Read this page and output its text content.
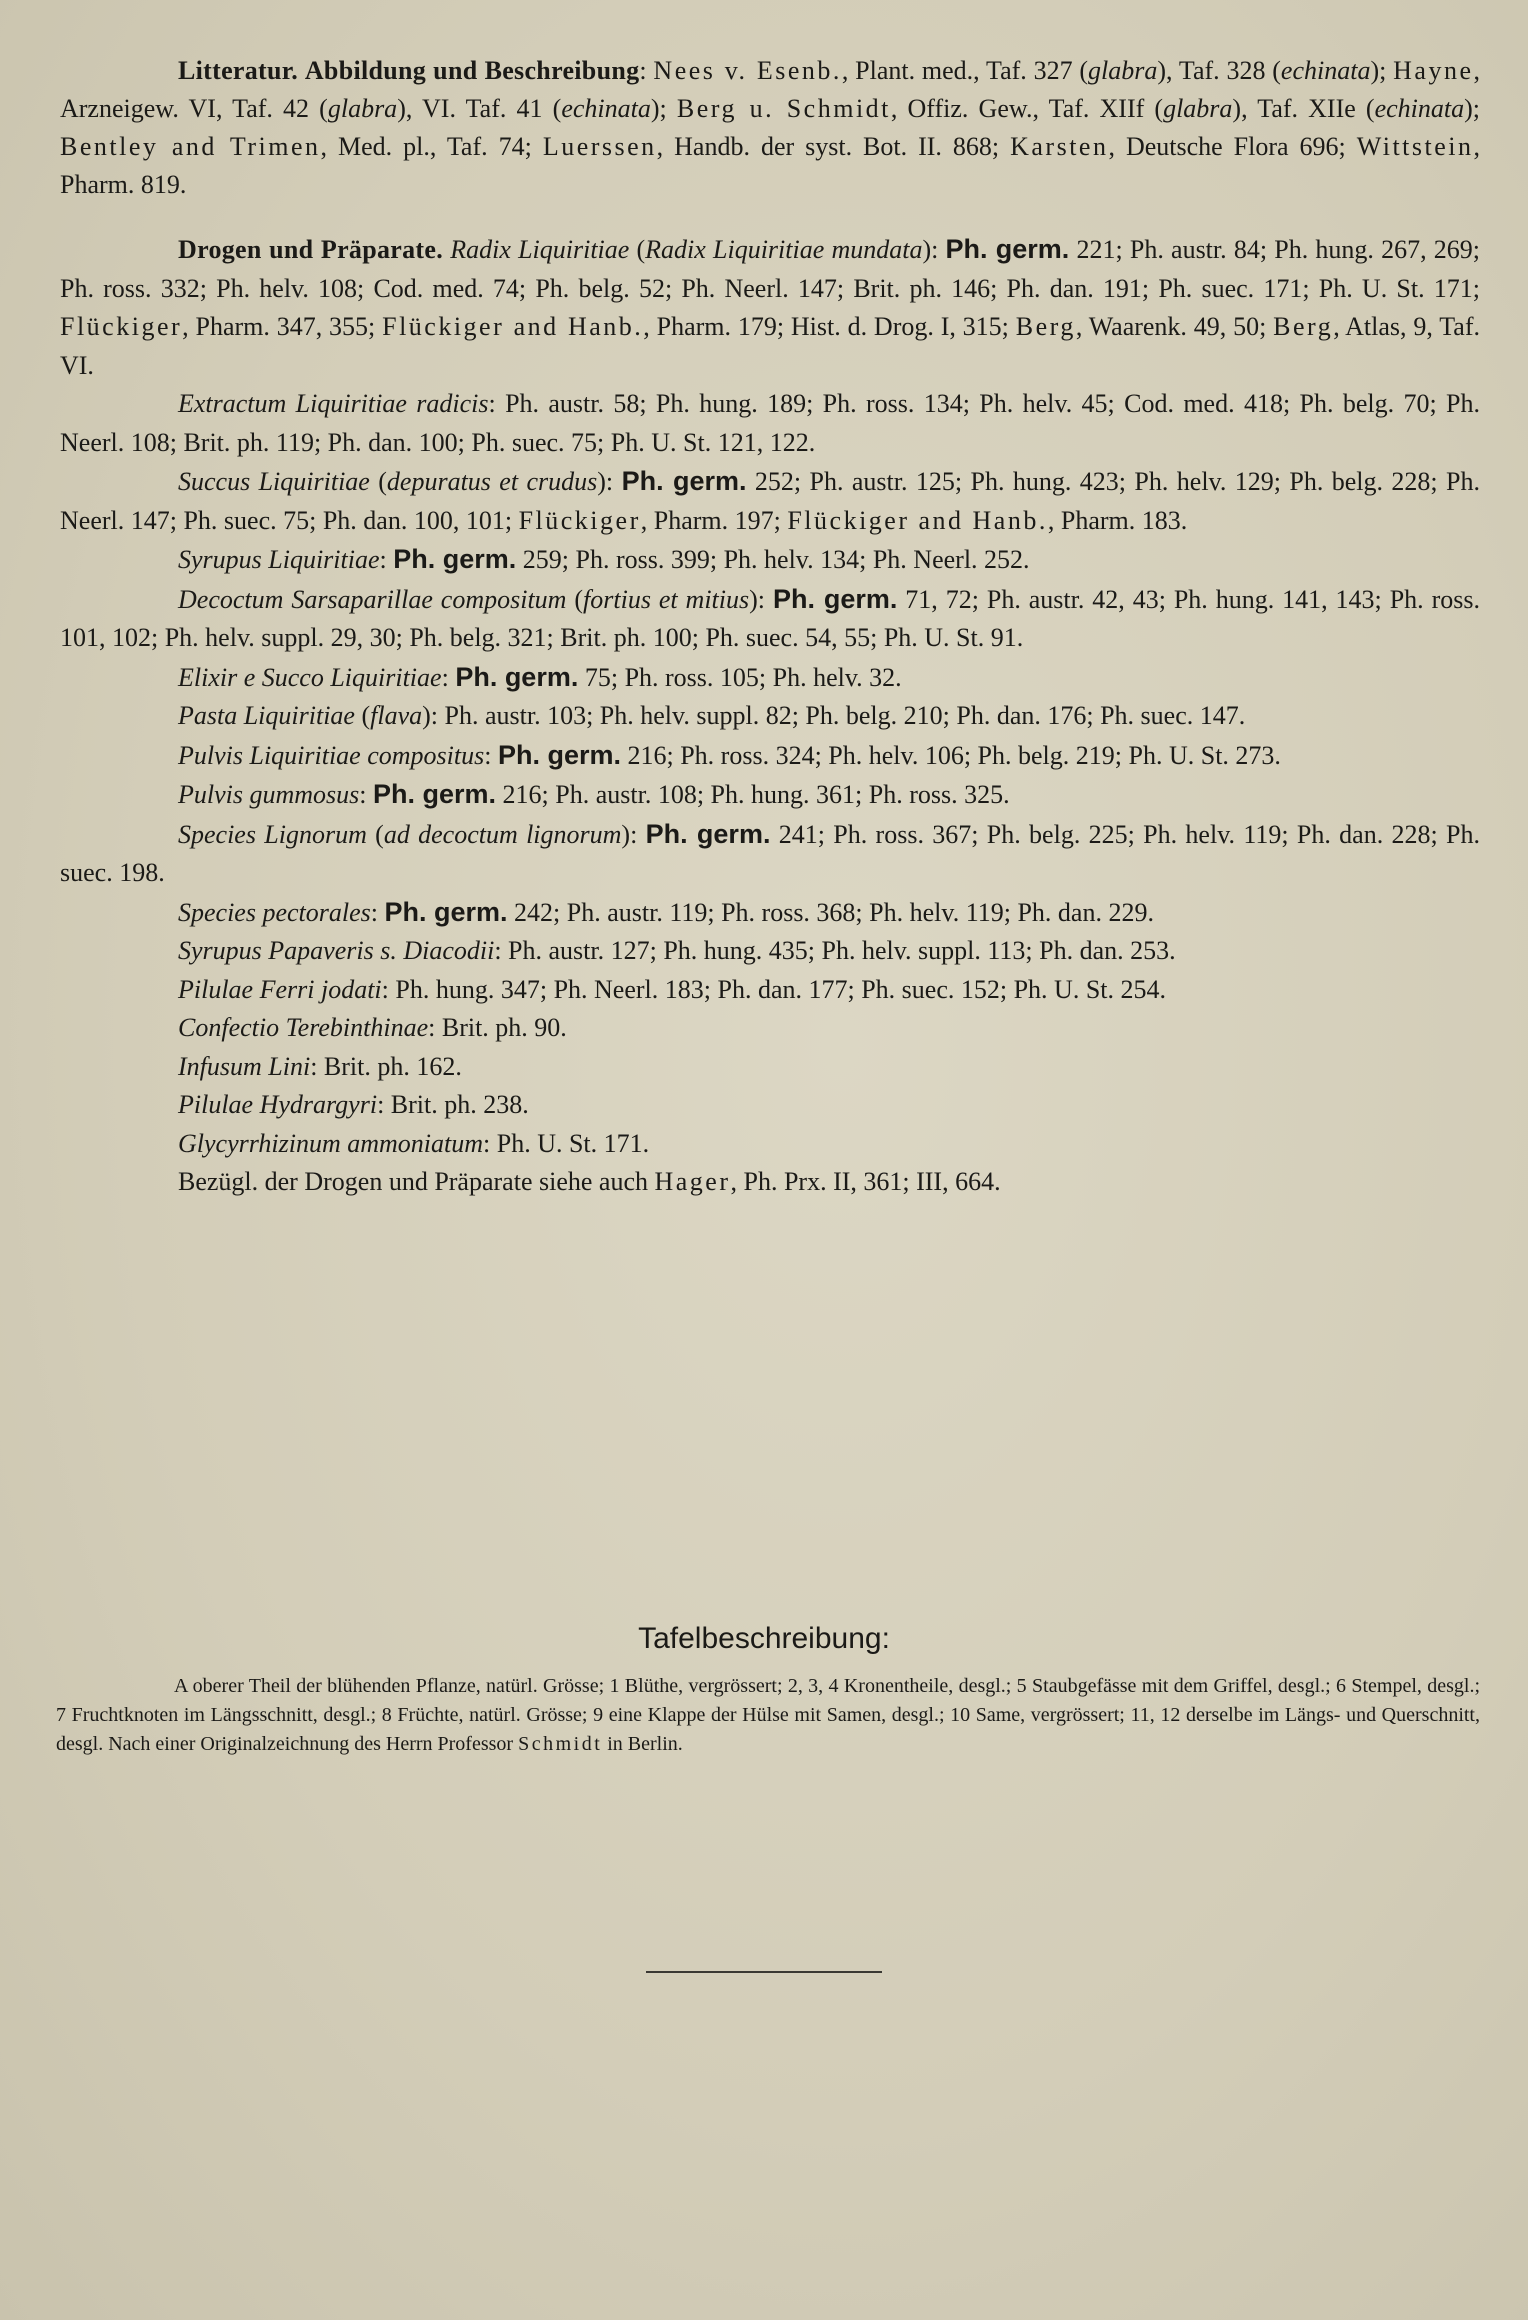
Litteratur. Abbildung und Beschreibung: Nees v. Esenb., Plant. med., Taf. 327 (glabra), Taf. 328 (echinata); Hayne, Arzneigew. VI, Taf. 42 (glabra), VI. Taf. 41 (echinata); Berg u. Schmidt, Offiz. Gew., Taf. XIIf (glabra), Taf. XIIe (echinata); Bentley and Trimen, Med. pl., Taf. 74; Luerssen, Handb. der syst. Bot. II. 868; Karsten, Deutsche Flora 696; Wittstein, Pharm. 819.

Drogen und Präparate. Radix Liquiritiae (Radix Liquiritiae mundata): Ph. germ. 221; Ph. austr. 84; Ph. hung. 267, 269; Ph. ross. 332; Ph. helv. 108; Cod. med. 74; Ph. belg. 52; Ph. Neerl. 147; Brit. ph. 146; Ph. dan. 191; Ph. suec. 171; Ph. U. St. 171; Flückiger, Pharm. 347, 355; Flückiger and Hanb., Pharm. 179; Hist. d. Drog. I, 315; Berg, Waarenk. 49, 50; Berg, Atlas, 9, Taf. VI.

Extractum Liquiritiae radicis: Ph. austr. 58; Ph. hung. 189; Ph. ross. 134; Ph. helv. 45; Cod. med. 418; Ph. belg. 70; Ph. Neerl. 108; Brit. ph. 119; Ph. dan. 100; Ph. suec. 75; Ph. U. St. 121, 122.

Succus Liquiritiae (depuratus et crudus): Ph. germ. 252; Ph. austr. 125; Ph. hung. 423; Ph. helv. 129; Ph. belg. 228; Ph. Neerl. 147; Ph. suec. 75; Ph. dan. 100, 101; Flückiger, Pharm. 197; Flückiger and Hanb., Pharm. 183.

Syrupus Liquiritiae: Ph. germ. 259; Ph. ross. 399; Ph. helv. 134; Ph. Neerl. 252.

Decoctum Sarsaparillae compositum (fortius et mitius): Ph. germ. 71, 72; Ph. austr. 42, 43; Ph. hung. 141, 143; Ph. ross. 101, 102; Ph. helv. suppl. 29, 30; Ph. belg. 321; Brit. ph. 100; Ph. suec. 54, 55; Ph. U. St. 91.

Elixir e Succo Liquiritiae: Ph. germ. 75; Ph. ross. 105; Ph. helv. 32.

Pasta Liquiritiae (flava): Ph. austr. 103; Ph. helv. suppl. 82; Ph. belg. 210; Ph. dan. 176; Ph. suec. 147.

Pulvis Liquiritiae compositus: Ph. germ. 216; Ph. ross. 324; Ph. helv. 106; Ph. belg. 219; Ph. U. St. 273.

Pulvis gummosus: Ph. germ. 216; Ph. austr. 108; Ph. hung. 361; Ph. ross. 325.

Species Lignorum (ad decoctum lignorum): Ph. germ. 241; Ph. ross. 367; Ph. belg. 225; Ph. helv. 119; Ph. dan. 228; Ph. suec. 198.

Species pectorales: Ph. germ. 242; Ph. austr. 119; Ph. ross. 368; Ph. helv. 119; Ph. dan. 229.

Syrupus Papaveris s. Diacodii: Ph. austr. 127; Ph. hung. 435; Ph. helv. suppl. 113; Ph. dan. 253.

Pilulae Ferri jodati: Ph. hung. 347; Ph. Neerl. 183; Ph. dan. 177; Ph. suec. 152; Ph. U. St. 254.

Confectio Terebinthinae: Brit. ph. 90.

Infusum Lini: Brit. ph. 162.

Pilulae Hydrargyri: Brit. ph. 238.

Glycyrrhizinum ammoniatum: Ph. U. St. 171.

Bezügl. der Drogen und Präparate siehe auch Hager, Ph. Prx. II, 361; III, 664.

Tafelbeschreibung:

A oberer Theil der blühenden Pflanze, natürl. Grösse; 1 Blüthe, vergrössert; 2, 3, 4 Kronentheile, desgl.; 5 Staubgefässe mit dem Griffel, desgl.; 6 Stempel, desgl.; 7 Fruchtknoten im Längsschnitt, desgl.; 8 Früchte, natürl. Grösse; 9 eine Klappe der Hülse mit Samen, desgl.; 10 Same, vergrössert; 11, 12 derselbe im Längs- und Querschnitt, desgl. Nach einer Originalzeichnung des Herrn Professor Schmidt in Berlin.
